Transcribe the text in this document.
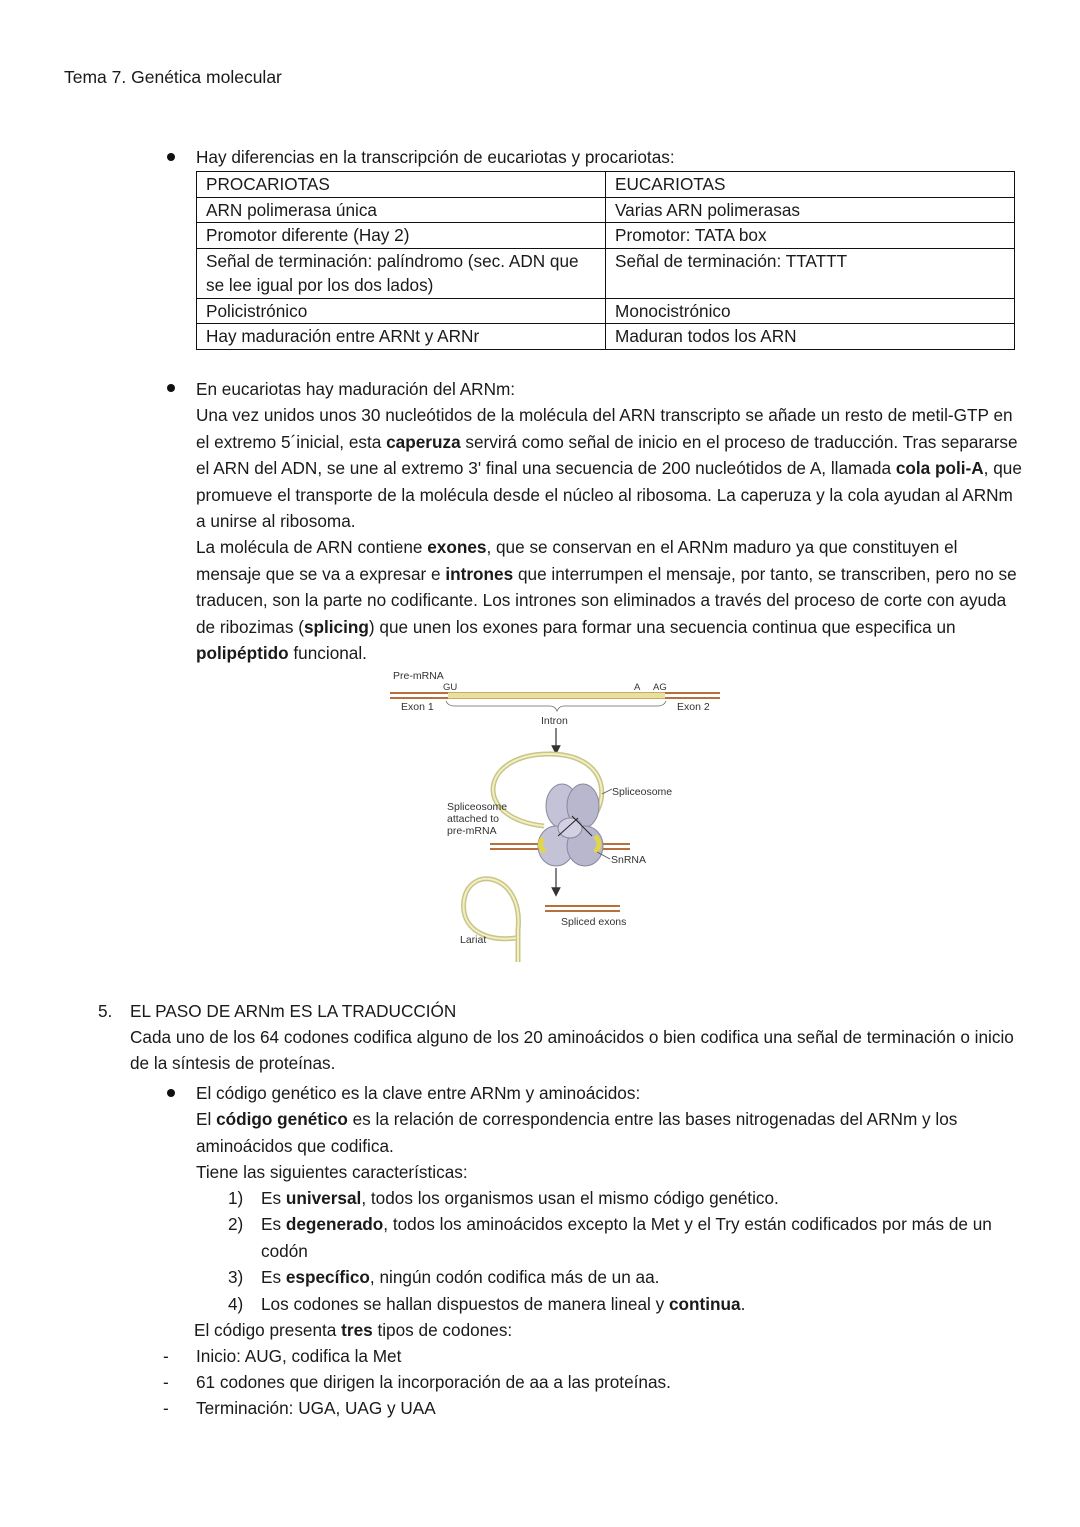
Tema 7. Genética molecular
Hay diferencias en la transcripción de eucariotas y procariotas:
PROCARIOTAS	EUCARIOTAS
ARN polimerasa única	Varias ARN polimerasas
Promotor diferente (Hay 2)	Promotor: TATA box
Señal de terminación: palíndromo (sec. ADN que se lee igual por los dos lados)	Señal de terminación: TTATTT
Policistrónico	Monocistrónico
Hay maduración entre ARNt y ARNr	Maduran todos los ARN
En eucariotas hay maduración del ARNm:
Una vez unidos unos 30 nucleótidos de la molécula del ARN transcripto se añade un resto de metil-GTP en el extremo 5´inicial, esta caperuza servirá como señal de inicio en el proceso de traducción. Tras separarse el ARN del ADN, se une al extremo 3' final una secuencia de 200 nucleótidos de A, llamada cola poli-A, que promueve el transporte de la molécula desde el núcleo al ribosoma. La caperuza y la cola ayudan al ARNm a unirse al ribosoma.
La molécula de ARN contiene exones, que se conservan en el ARNm maduro ya que constituyen el mensaje que se va a expresar e intrones que interrumpen el mensaje, por tanto, se transcriben, pero no se traducen, son la parte no codificante. Los intrones son eliminados a través del proceso de corte con ayuda de ribozimas (splicing) que unen los exones para formar una secuencia continua que especifica un polipéptido funcional.
Pre-mRNA
GU	A AG
Exon 1	Exon 2
Intron
Spliceosome
Spliceosome
attached to
pre-mRNA
SnRNA
Spliced exons
Lariat
5. EL PASO DE ARNm ES LA TRADUCCIÓN
Cada uno de los 64 codones codifica alguno de los 20 aminoácidos o bien codifica una señal de terminación o inicio de la síntesis de proteínas.
El código genético es la clave entre ARNm y aminoácidos:
El código genético es la relación de correspondencia entre las bases nitrogenadas del ARNm y los aminoácidos que codifica.
Tiene las siguientes características:
1)	Es universal, todos los organismos usan el mismo código genético.
2)	Es degenerado, todos los aminoácidos excepto la Met y el Try están codificados por más de un codón
3)	Es específico, ningún codón codifica más de un aa.
4)	Los codones se hallan dispuestos de manera lineal y continua.
El código presenta tres tipos de codones:
- Inicio: AUG, codifica la Met
- 61 codones que dirigen la incorporación de aa a las proteínas.
- Terminación: UGA, UAG y UAA
